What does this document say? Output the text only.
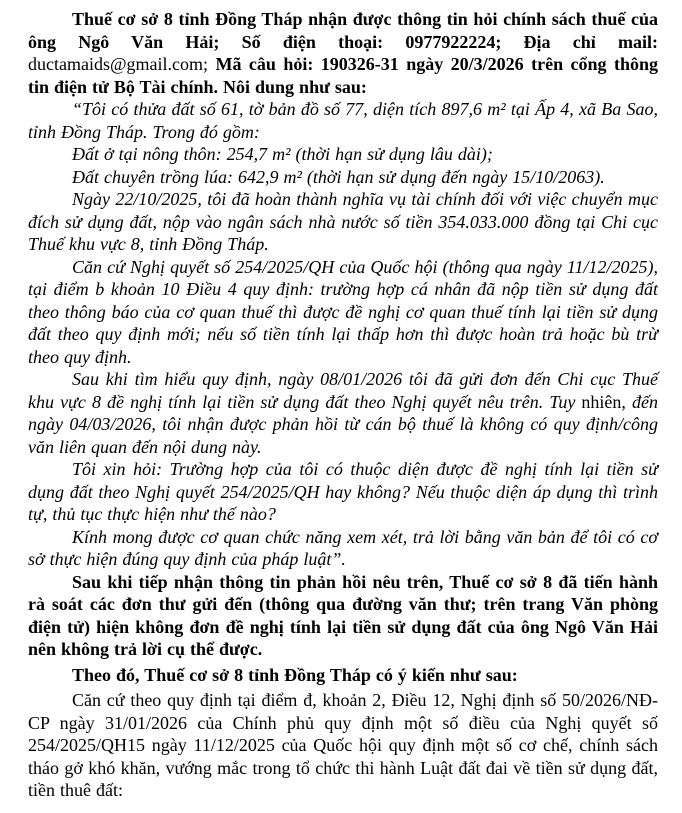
Thuế cơ sở 8 tỉnh Đồng Tháp nhận được thông tin hỏi chính sách thuế của ông Ngô Văn Hải; Số điện thoại: 0977922224; Địa chỉ mail: ductamaids@gmail.com; Mã câu hỏi: 190326-31 ngày 20/3/2026 trên cổng thông tin điện tử Bộ Tài chính. Nôi dung như sau:

“Tôi có thửa đất số 61, tờ bản đồ số 77, diện tích 897,6 m² tại Ấp 4, xã Ba Sao, tỉnh Đồng Tháp. Trong đó gồm:

Đất ở tại nông thôn: 254,7 m² (thời hạn sử dụng lâu dài);

Đất chuyên trồng lúa: 642,9 m² (thời hạn sử dụng đến ngày 15/10/2063).

Ngày 22/10/2025, tôi đã hoàn thành nghĩa vụ tài chính đối với việc chuyển mục đích sử dụng đất, nộp vào ngân sách nhà nước số tiền 354.033.000 đồng tại Chi cục Thuế khu vực 8, tỉnh Đồng Tháp.

Căn cứ Nghị quyết số 254/2025/QH của Quốc hội (thông qua ngày 11/12/2025), tại điểm b khoản 10 Điều 4 quy định: trường hợp cá nhân đã nộp tiền sử dụng đất theo thông báo của cơ quan thuế thì được đề nghị cơ quan thuế tính lại tiền sử dụng đất theo quy định mới; nếu số tiền tính lại thấp hơn thì được hoàn trả hoặc bù trừ theo quy định.

Sau khi tìm hiểu quy định, ngày 08/01/2026 tôi đã gửi đơn đến Chi cục Thuế khu vực 8 đề nghị tính lại tiền sử dụng đất theo Nghị quyết nêu trên. Tuy nhiên, đến ngày 04/03/2026, tôi nhận được phản hồi từ cán bộ thuế là không có quy định/công văn liên quan đến nội dung này.

Tôi xin hỏi: Trường hợp của tôi có thuộc diện được đề nghị tính lại tiền sử dụng đất theo Nghị quyết 254/2025/QH hay không? Nếu thuộc diện áp dụng thì trình tự, thủ tục thực hiện như thế nào?

Kính mong được cơ quan chức năng xem xét, trả lời bằng văn bản để tôi có cơ sở thực hiện đúng quy định của pháp luật”.

Sau khi tiếp nhận thông tin phản hồi nêu trên, Thuế cơ sở 8 đã tiến hành rà soát các đơn thư gửi đến (thông qua đường văn thư; trên trang Văn phòng điện tử) hiện không đơn đề nghị tính lại tiền sử dụng đất của ông Ngô Văn Hải nên không trả lời cụ thể được.

Theo đó, Thuế cơ sở 8 tỉnh Đồng Tháp có ý kiến như sau:

Căn cứ theo quy định tại điểm đ, khoản 2, Điều 12, Nghị định số 50/2026/NĐ-CP ngày 31/01/2026 của Chính phủ quy định một số điều của Nghị quyết số 254/2025/QH15 ngày 11/12/2025 của Quốc hội quy định một số cơ chế, chính sách tháo gở khó khăn, vướng mắc trong tổ chức thi hành Luật đất đai về tiền sử dụng đất, tiền thuê đất:
